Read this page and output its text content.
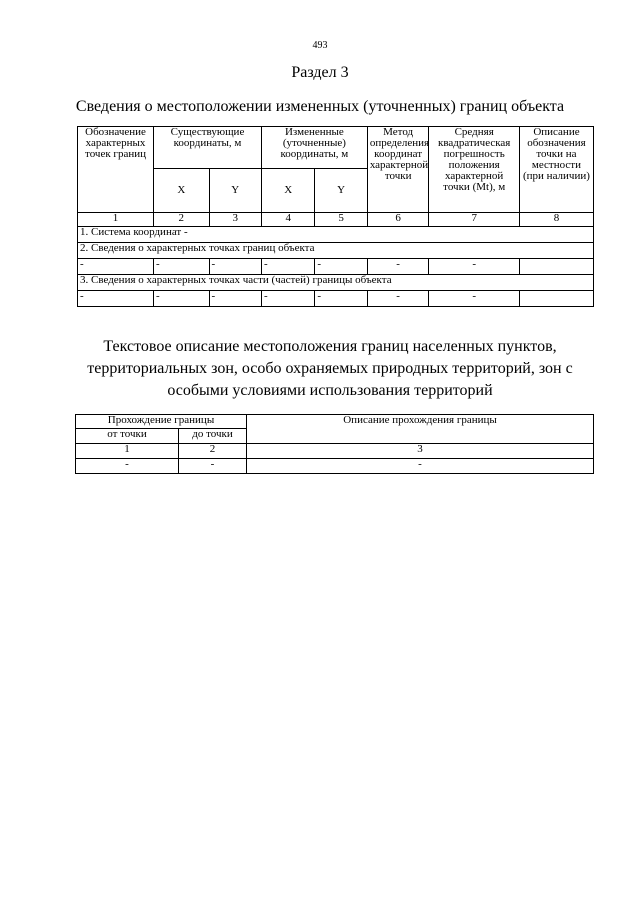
493
Раздел 3
Сведения о местоположении измененных (уточненных) границ объекта
Обозначение характерных точек границ	Существующие координаты, м		Измененные (уточненные) координаты, м		Метод определения координат характерной точки	Средняя квадратическая погрешность положения характерной точки (Mt), м	Описание обозначения точки на местности (при наличии)
	X	Y	X	Y			
1	2	3	4	5	6	7	8
1. Система координат -							
2. Сведения о характерных точках границ объекта							
-	-	-	-	-	-	-	
3. Сведения о характерных точках части (частей) границы объекта							
-	-	-	-	-	-	-	
Текстовое описание местоположения границ населенных пунктов, территориальных зон, особо охраняемых природных территорий, зон с особыми условиями использования территорий
Прохождение границы		Описание прохождения границы
от точки	до точки	
1	2	3
-	-	-
